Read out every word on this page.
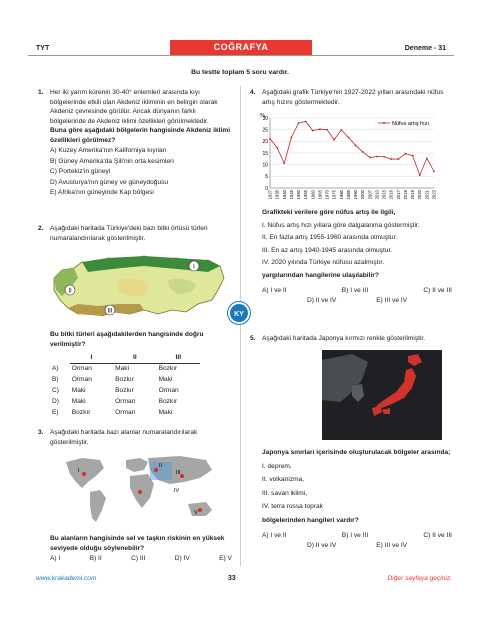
TYT	COĞRAFYA	Deneme - 31
Bu testte toplam 5 soru vardır.
1. Her iki yarım kürenin 30-40° enlemleri arasında kıyı bölgelerinde etkili olan Akdeniz ikliminin en belirgin olarak Akdeniz çevresinde görülür. Ancak dünyanın farklı bölgelerinde de Akdeniz iklimi özellikleri görülmektedir.
Buna göre aşağıdaki bölgelerin hangisinde Akdeniz iklimi özellikleri görülmez?
A) Kuzey Amerika'nın Kaliforniya kıyıları
B) Güney Amerika'da Şili'nin orta kesimleri
C) Portekiz'in güneyi
D) Avusturya'nın güney ve güneydoğusu
E) Afrika'nın güneyinde Kap bölgesi
2. Aşağıdaki haritada Türkiye'deki bazı bitki örtüsü türleri numaralandırılarak gösterilmiştir.
I
II
III
Bu bitki türleri aşağıdakilerden hangisinde doğru verilmiştir?
	I	II	III
A)	Orman	Maki	Bozkır
B)	Orman	Bozkır	Maki
C)	Maki	Bozkır	Orman
D)	Maki	Orman	Bozkır
E)	Bozkır	Orman	Maki
KY
3. Aşağıdaki haritada bazı alanlar numaralandırılarak gösterilmiştir.
I
II
III
IV
V
Bu alanların hangisinde sel ve taşkın riskinin en yüksek seviyede olduğu söylenebilir?
A) I	B) II	C) III	D) IV	E) V
4. Aşağıdaki grafik Türkiye'nin 1927-2022 yılları arasındaki nüfus artış hızını göstermektedir.
%
0
5
10
15
20
25
30
1927 1935 1940 1945 1950 1955 1960 1965 1970 1975 1980 1985 1990 2000 2007 2010 2015 2016 2017 2018 2019 2020 2021 2022
Nüfus artış hızı
Grafikteki verilere göre nüfus artış ile ilgili,
I. Nüfus artış hızı yıllara göre dalgalanma göstermiştir.
II. En fazla artış 1955-1960 arasında olmuştur.
III. En az artış 1940-1945 arasında olmuştur.
IV. 2020 yılında Türkiye nüfusu azalmıştır.
yargılarından hangilerine ulaşılabilir?
A) I ve II	B) I ve III	C) II ve III
D) II ve IV	E) III ve IV
5. Aşağıdaki haritada Japonya kırmızı renkle gösterilmiştir.
Japonya sınırları içerisinde oluşturulacak bölgeler arasında;
I. deprem,
II. volkanizma,
III. savan iklimi,
IV. terra rossa toprak
bölgelerinden hangileri vardır?
A) I ve II	B) I ve III	C) II ve III
D) II ve IV	E) III ve IV
www.krakademi.com	33	Diğer sayfaya geçiniz.
